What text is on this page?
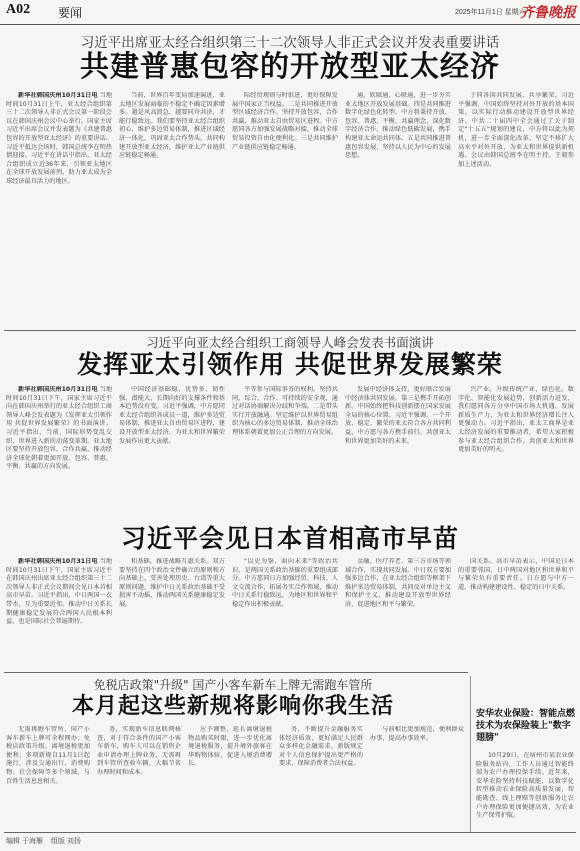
A02 要闻	2025年11月1日 星期六
齐鲁晚报
习近平出席亚太经合组织第三十二次领导人非正式会议并发表重要讲话
共建普惠包容的开放型亚太经济

新华社韩国庆州10月31日电 当地时间10月31日上午，亚太经合组织第三十二次领导人非正式会议第一阶段会议在韩国庆州会议中心举行。国家主席习近平出席会议并发表题为《共建普惠包容的开放型亚太经济》的重要讲话。习近平抵达会场时，韩国总统李在明热情迎接。习近平在讲话中指出，亚太经合组织成立近36年来，引领亚太地区在全球开放发展前列，助力亚太成为全球经济最具活力的地区。

当前，世界百年变局加速演进，亚太地区发展面临的不稳定不确定因素增多。越是风高浪急，越要同舟共济，才能行稳致远。我们要坚持亚太经合组织初心，维护多边贸易体制，推进区域经济一体化，巩固亚太合作势头，共同构建开放型亚太经济，维护亚太产业链供应链稳定畅通。

际经贸规则与时俱进，更好保障发展中国家正当权益。二是共同推进开放型区域经济合作。坚持开放包容，合作共赢，推动亚太自由贸易区进程。中方愿同各方加强发展战略对接，推动全球贸易投资自由化便利化。三是共同维护产业链供应链稳定畅通。

通、软联通、心联通，进一步夯实亚太地区开放发展基础。四是共同推进数字化绿色化转型。中方将秉持开放、包容、普惠、平衡、共赢理念，深化数字经济合作，推动绿色低碳发展，携手构建亚太命运共同体。五是共同推进普惠包容发展，坚持以人民为中心的发展思想。

于同各国共同发展，共享繁荣。习近平强调，中国始终坚持对外开放的基本国策。以实际行动推动建设开放型世界经济。中共二十届四中全会通过了关于制定"十五五"规划的建议，中方将以此为契机，进一步全面深化改革、坚定不移扩大高水平对外开放，为亚太和世界提供新机遇。会议由韩国总统李在明主持。王毅参加上述活动。

习近平向亚太经合组织工商领导人峰会发表书面演讲
发挥亚太引领作用 共促世界发展繁荣

新华社韩国庆州10月31日电 当地时间10月31日下午，国家主席习近平向在韩国庆州举行的亚太经合组织工商领导人峰会发表题为《发挥亚太引领作用 共促世界发展繁荣》的书面演讲。习近平指出，当前，国际形势变乱交织，世界进入新的动荡变革期。亚太地区要坚持开放包容、合作共赢，推动经济全球化朝着更加开放、包容、普惠、平衡、共赢的方向发展。

中国经济基础稳、优势多、韧性强、潜能大，长期向好的支撑条件和基本趋势没有变。习近平强调，中方愿同亚太经合组织各成员一道，维护多边贸易体制，推进亚太自由贸易区进程，建设开放型亚太经济，为亚太和世界繁荣发展作出更大贡献。

平等参与国际事务的权利。坚持共同、综合、合作、可持续的安全观，通过对话协商解决分歧和争端。二是带头实行开放融通。坚定维护以世界贸易组织为核心的多边贸易体制，推动全球治理体系朝着更加公正合理的方向发展。

发展中经济体支持，更好联合发展中经济体共同发展。第三是携手开拓创新。中国始终把科技创新摆在国家发展全局的核心位置。习近平强调，一个开放、稳定、繁荣的亚太符合各方共同利益，中方愿与各方携手前行，共创亚太和世界更加美好的未来。

兴产业，升级传统产业，绿色化、数字化、智能化发展趋势，创新活力迸发，我们愿同各方分享中国市场大机遇，发展新质生产力，为亚太和世界经济增长注入更强动力。习近平指出，亚太工商界是亚太经济发展的重要推动者，希望大家积极参与亚太经合组织合作，共创亚太和世界更加美好的明天。

习近平会见日本首相高市早苗

新华社韩国庆州10月31日电 当地时间10月31日下午，国家主席习近平在韩国庆州出席亚太经合组织第三十二次领导人非正式会议期间会见日本首相高市早苗。习近平指出，中日两国一衣带水，互为重要近邻。推动中日关系长期健康稳定发展符合两国人民根本利益，也是国际社会普遍期待。

和基础，推进战略互惠关系。双方要坚持在四个政治文件确立的原则和方向基础上，妥善处理历史、台湾等重大原则问题，维护中日关系政治基础不受损害不动摇，推动两国关系健康稳定发展。

"以史为鉴、面向未来"等政治共识，是两国关系政治基础的重要组成部分。中方愿同日方加强经贸、科技、人文交流合作，拓展务实合作领域，推动中日关系行稳致远，为地区和世界和平稳定作出积极贡献。

金融、医疗养老、第三方市场等领域合作，实现共同发展。中日双方要加强多边合作，在亚太经合组织等框架下维护多边贸易体制，共同反对单边主义和保护主义，推动建设开放型世界经济，促进地区和平与繁荣。

国关系。高市早苗表示，中国是日本的重要邻国，日中两国对地区和世界和平与繁荣负有重要责任。日方愿与中方一道，推动构建建设性、稳定的日中关系。

免税店政策"升级" 国产小客车新车上牌无需跑车管所
本月起这些新规将影响你我生活

无需再跑车管所，国产小客车新车上牌可全程网办；免税店政策升级，离境退税更加便利；多项新规自11月1日起施行，涉及交通出行、消费购物、社会保障等多个领域，与百姓生活息息相关。

务，实现新车信息联网核查，对于符合条件的国产小客车新车，购车人可以在销售企业申请办理上牌业务，无需再到车管所查验车辆，大幅节省办理时间和成本。

应予调整，延长离境退税物品购买时限，进一步优化离境退税服务，提升境外旅客在华购物体验，促进入境消费增长。

务，不断提升金融服务实体经济质效，更好满足人民群众多样化金融需求。新版规定对个人信息保护提出更严格的要求，保障消费者合法权益。

与前相比更加规范，便利群众办事，提高办事效率。

安华农业保险：智能点燃技术为农保险装上"数字翅膀"

10月29日，在宿州市某农业保险服务站内，工作人员通过智能终端为农户办理投保手续。近年来，安华农险坚持科技赋能，以数字化转型推动农业保险高质量发展，智能勘查、线上理赔等创新服务让农户办理保险更加便捷高效，为农业生产保驾护航。

编辑 于海雁 组版 刘扬
